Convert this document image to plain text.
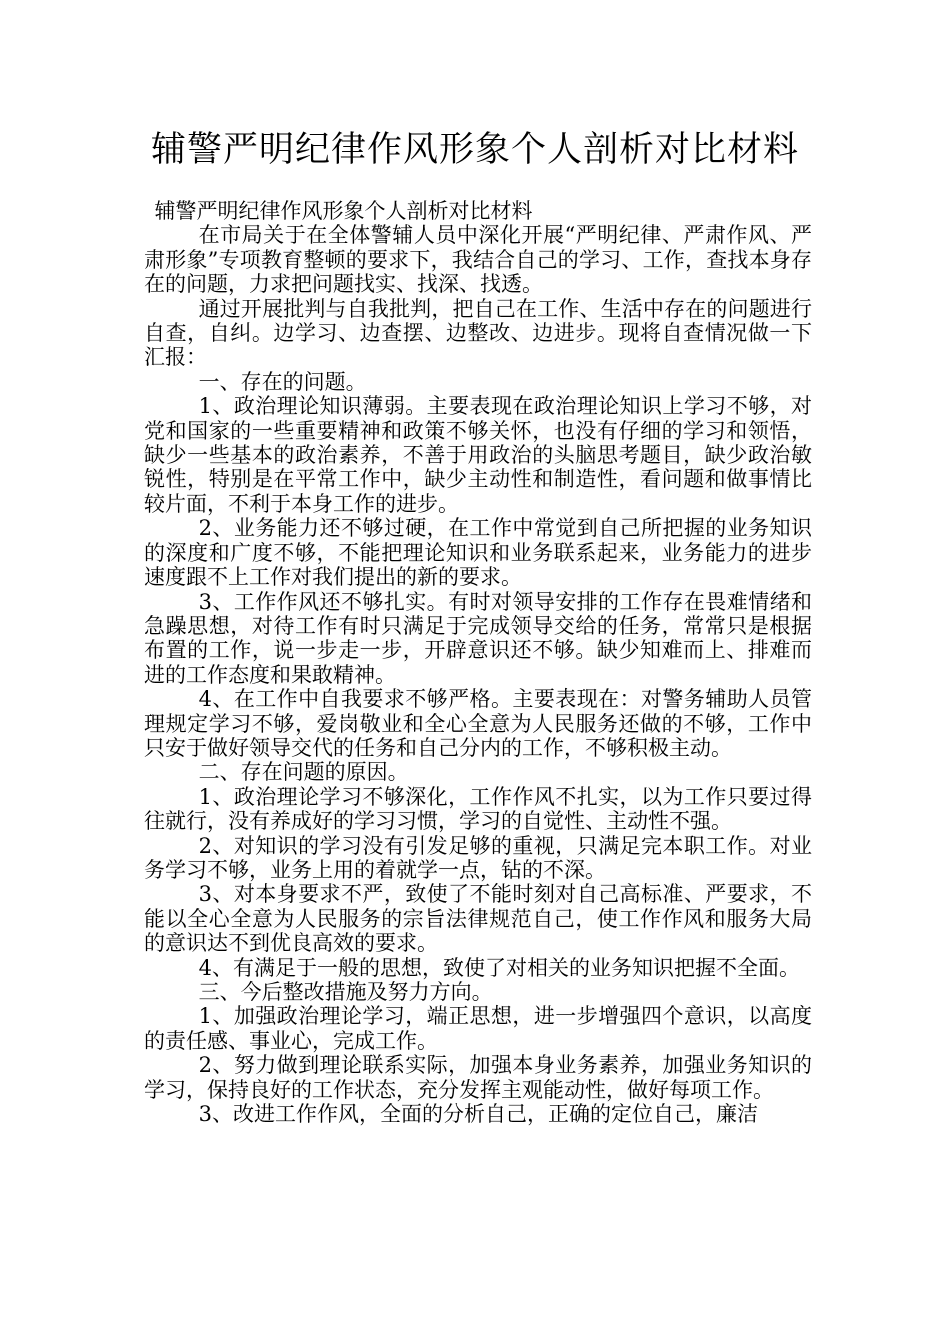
辅警严明纪律作风形象个人剖析对比材料

辅警严明纪律作风形象个人剖析对比材料

在市局关于在全体警辅人员中深化开展“严明纪律、严肃作风、严肃形象”专项教育整顿的要求下，我结合自己的学习、工作，查找本身存在的问题，力求把问题找实、找深、找透。

通过开展批判与自我批判，把自己在工作、生活中存在的问题进行自查，自纠。边学习、边查摆、边整改、边进步。现将自查情况做一下汇报：

一、存在的问题。

1、政治理论知识薄弱。主要表现在政治理论知识上学习不够，对党和国家的一些重要精神和政策不够关怀，也没有仔细的学习和领悟，缺少一些基本的政治素养，不善于用政治的头脑思考题目，缺少政治敏锐性，特别是在平常工作中，缺少主动性和制造性，看问题和做事情比较片面，不利于本身工作的进步。

2、业务能力还不够过硬，在工作中常觉到自己所把握的业务知识的深度和广度不够，不能把理论知识和业务联系起来，业务能力的进步速度跟不上工作对我们提出的新的要求。

3、工作作风还不够扎实。有时对领导安排的工作存在畏难情绪和急躁思想，对待工作有时只满足于完成领导交给的任务，常常只是根据布置的工作，说一步走一步，开辟意识还不够。缺少知难而上、排难而进的工作态度和果敢精神。

4、在工作中自我要求不够严格。主要表现在：对警务辅助人员管理规定学习不够，爱岗敬业和全心全意为人民服务还做的不够，工作中只安于做好领导交代的任务和自己分内的工作，不够积极主动。

二、存在问题的原因。

1、政治理论学习不够深化，工作作风不扎实，以为工作只要过得往就行，没有养成好的学习习惯，学习的自觉性、主动性不强。

2、对知识的学习没有引发足够的重视，只满足完本职工作。对业务学习不够，业务上用的着就学一点，钻的不深。

3、对本身要求不严，致使了不能时刻对自己高标准、严要求，不能以全心全意为人民服务的宗旨法律规范自己，使工作作风和服务大局的意识达不到优良高效的要求。

4、有满足于一般的思想，致使了对相关的业务知识把握不全面。

三、今后整改措施及努力方向。

1、加强政治理论学习，端正思想，进一步增强四个意识，以高度的责任感、事业心，完成工作。

2、努力做到理论联系实际，加强本身业务素养，加强业务知识的学习，保持良好的工作状态，充分发挥主观能动性，做好每项工作。

3、改进工作作风，全面的分析自己，正确的定位自己，廉洁
